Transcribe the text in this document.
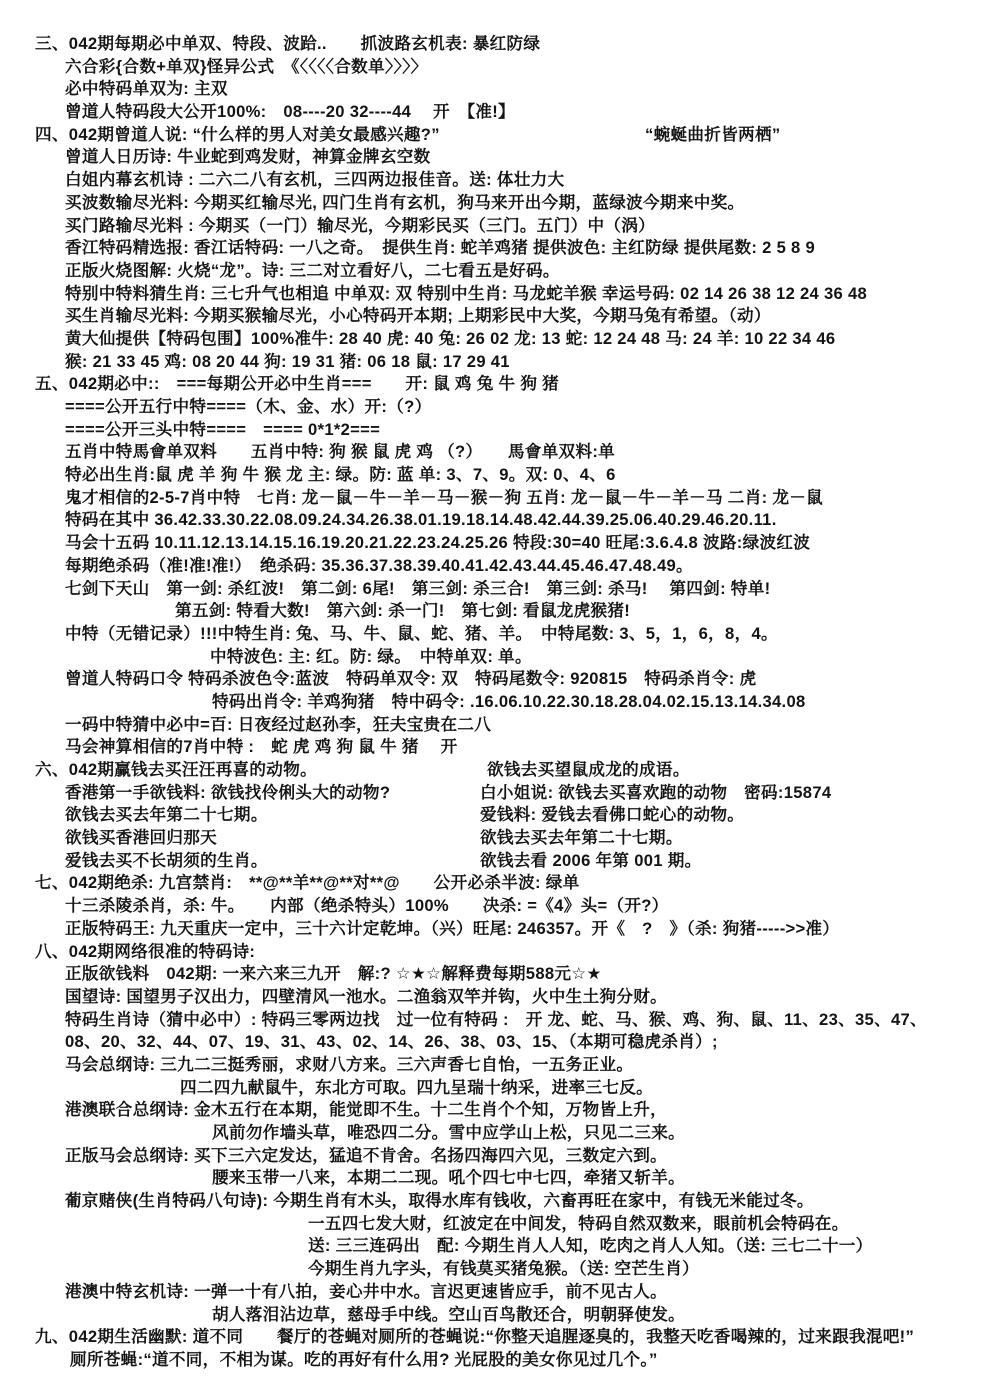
三、042期每期必中单双、特段、波跲..　　抓波路玄机表: 暴红防绿
六合彩{合数+单双}怪异公式　《〈〈〈〈合数单〉〉〉〉
必中特码单双为: 主双
曾道人特码段大公开100%:　08----20 32----44　 开　【准!】
四、042期曾道人说: “什么样的男人对美女最感兴趣?”	“蜿蜒曲折皆两栖”
曾道人日历诗: 牛业蛇到鸡发财，神算金牌玄空数
白姐内幕玄机诗 : 二六二八有玄机，三四两边报佳音。送: 体壮力大
买波数输尽光料: 今期买红输尽光, 四门生肖有玄机，狗马来开出今期，蓝绿波今期来中奖。
买门路输尽光料 : 今期买（一门）输尽光，今期彩民买（三门。五门）中（涡）
香江特码精选报: 香江话特码: 一八之奇。　提供生肖: 蛇羊鸡猪 提供波色: 主红防绿 提供尾数: 2 5 8 9
正版火烧图解: 火烧“龙”。诗: 三二对立看好八，二七看五是好码。
特别中特料猜生肖: 三七升气也相追 中单双: 双 特别中生肖: 马龙蛇羊猴 幸运号码: 02 14 26 38 12 24 36 48
买生肖输尽光料: 今期买猴输尽光，小心特码开本期; 上期彩民中大奖，今期马兔有希望。（动）
黄大仙提供【特码包围】100%准牛: 28 40 虎: 40 兔: 26 02 龙: 13 蛇: 12 24 48 马: 24 羊: 10 22 34 46
猴: 21 33 45 鸡: 08 20 44 狗: 19 31 猪: 06 18 鼠: 17 29 41
五、042期必中::　===每期公开必中生肖===　　开: 鼠 鸡 兔 牛 狗 猪
====公开五行中特====（木、金、水）开:（?）
====公开三头中特====　==== 0*1*2===
五肖中特馬會单双料　　五肖中特: 狗 猴 鼠 虎 鸡 （?）　　馬會单双料:单
特必出生肖:鼠 虎 羊 狗 牛 猴 龙 主: 绿。防: 蓝 单: 3、7、9。双: 0、4、6
鬼才相信的2-5-7肖中特　七肖: 龙－鼠－牛－羊－马－猴－狗 五肖: 龙－鼠－牛－羊－马 二肖: 龙－鼠
特码在其中 36.42.33.30.22.08.09.24.34.26.38.01.19.18.14.48.42.44.39.25.06.40.29.46.20.11.
马会十五码 10.11.12.13.14.15.16.19.20.21.22.23.24.25.26 特段:30=40 旺尾:3.6.4.8 波路:绿波红波
每期绝杀码（准!准!准!）　绝杀码: 35.36.37.38.39.40.41.42.43.44.45.46.47.48.49。
七剑下天山　第一剑: 杀红波!　第二剑: 6尾!　第三剑: 杀三合!　第三剑: 杀马!　 第四剑: 特单!
第五剑: 特看大数!　第六剑: 杀一门!　第七剑: 看鼠龙虎猴猪!
中特（无错记录）!!!中特生肖: 兔、马、牛、鼠、蛇、猪、羊。　中特尾数: 3、5，1，6，8，4。
中特波色: 主: 红。防: 绿。　中特单双: 单。
曾道人特码口令 特码杀波色令:蓝波　特码单双令: 双　特码尾数令: 920815　特码杀肖令: 虎
特码出肖令: 羊鸡狗猪　特中码令: .16.06.10.22.30.18.28.04.02.15.13.14.34.08
一码中特猜中必中=百: 日夜经过赵孙李，狂夫宝贵在二八
马会神算相信的7肖中特 :　蛇 虎 鸡 狗 鼠 牛 猪　 开
六、042期赢钱去买汪汪再喜的动物。	欲钱去买望鼠成龙的成语。
香港第一手欲钱料: 欲钱找伶俐头大的动物?	白小姐说: 欲钱去买喜欢跑的动物　密码:15874
欲钱去买去年第二十七期。	爱钱料: 爱钱去看佛口蛇心的动物。
欲钱买香港回归那天	欲钱去买去年第二十七期。
爱钱去买不长胡须的生肖。	欲钱去看 2006 年第 001 期。
七、042期绝杀: 九宫禁肖:　**@**羊**@**对**@　　公开必杀半波: 绿单
十三杀陵杀肖，杀: 牛。　　内部（绝杀特头）100%　　决杀: =《4》头=（开?）
正版特码王: 九天重庆一定中，三十六计定乾坤。（兴）旺尾: 246357。开《　?　》（杀: 狗猪----->>准）
八、042期网络很准的特码诗:
正版欲钱料　042期: 一来六来三九开　解:? ☆★☆解释费每期588元☆★
国望诗: 国望男子汉出力，四壁清风一池水。二渔翁双竿并钩，火中生土狗分财。
特码生肖诗（猜中必中）: 特码三零两边找　过一位有特码 :　开 龙、蛇、马、猴、鸡、狗、鼠、11、23、35、47、
08、20、32、44、07、19、31、43、02、14、26、38、03、15、（本期可稳虎杀肖）;
马会总纲诗: 三九二三挺秀丽，求财八方来。三六声香七自怡，一五务正业。
四二四九献鼠牛，东北方可取。四九呈瑞十纳采，进率三七反。
港澳联合总纲诗: 金木五行在本期，能觉即不生。十二生肖个个知，万物皆上升，
风前勿作墙头草，唯恐四二分。雪中应学山上松，只见二三来。
正版马会总纲诗: 买下三六定发达，猛追不肯舍。名扬四海四六见，三数定六到。
腰来玉带一八来，本期二二现。吼个四七中七四，牵猪又斩羊。
葡京赌侠(生肖特码八句诗): 今期生肖有木头，取得水库有钱收，六畜再旺在家中，有钱无米能过冬。
一五四七发大财，红波定在中间发，特码自然双数来，眼前机会特码在。
送: 三三连码出　配: 今期生肖人人知，吃肉之肖人人知。（送: 三七二十一）
今期生肖九字头，有钱莫买猪兔猴。（送: 空芒生肖）
港澳中特玄机诗: 一弹一十有八拍，妾心井中水。言迟更速皆应手，前不见古人。
胡人落泪沾边草，慈母手中线。空山百鸟散还合，明朝驿使发。
九、042期生活幽默: 道不同　　餐厅的苍蝇对厕所的苍蝇说:“你整天追腥逐臭的，我整天吃香喝辣的，过来跟我混吧!”
厕所苍蝇:“道不同，不相为谋。吃的再好有什么用? 光屁股的美女你见过几个。”
